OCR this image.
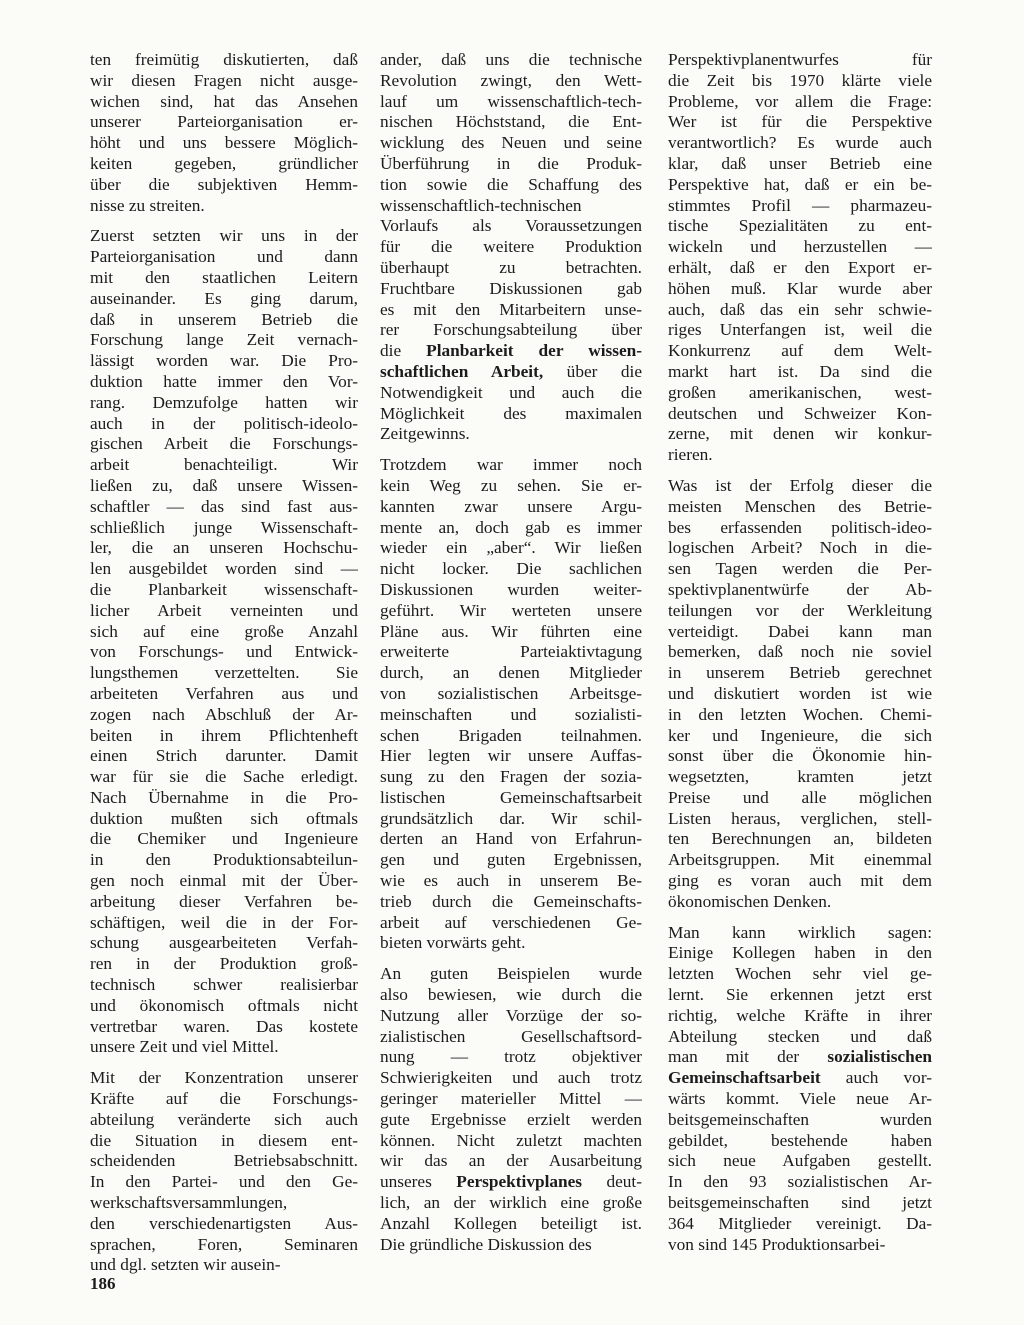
ten freimütig diskutierten, daß
wir diesen Fragen nicht ausge-
wichen sind, hat das Ansehen
unserer Parteiorganisation er-
höht und uns bessere Möglich-
keiten gegeben, gründlicher
über die subjektiven Hemm-
nisse zu streiten.
Zuerst setzten wir uns in der
Parteiorganisation und dann
mit den staatlichen Leitern
auseinander. Es ging darum,
daß in unserem Betrieb die
Forschung lange Zeit vernach-
lässigt worden war. Die Pro-
duktion hatte immer den Vor-
rang. Demzufolge hatten wir
auch in der politisch-ideolo-
gischen Arbeit die Forschungs-
arbeit benachteiligt. Wir
ließen zu, daß unsere Wissen-
schaftler — das sind fast aus-
schließlich junge Wissenschaft-
ler, die an unseren Hochschu-
len ausgebildet worden sind —
die Planbarkeit wissenschaft-
licher Arbeit verneinten und
sich auf eine große Anzahl
von Forschungs- und Entwick-
lungsthemen verzettelten. Sie
arbeiteten Verfahren aus und
zogen nach Abschluß der Ar-
beiten in ihrem Pflichtenheft
einen Strich darunter. Damit
war für sie die Sache erledigt.
Nach Übernahme in die Pro-
duktion mußten sich oftmals
die Chemiker und Ingenieure
in den Produktionsabteilun-
gen noch einmal mit der Über-
arbeitung dieser Verfahren be-
schäftigen, weil die in der For-
schung ausgearbeiteten Verfah-
ren in der Produktion groß-
technisch schwer realisierbar
und ökonomisch oftmals nicht
vertretbar waren. Das kostete
unsere Zeit und viel Mittel.
Mit der Konzentration unserer
Kräfte auf die Forschungs-
abteilung veränderte sich auch
die Situation in diesem ent-
scheidenden Betriebsabschnitt.
In den Partei- und den Ge-
werkschaftsversammlungen,
den verschiedenartigsten Aus-
sprachen, Foren, Seminaren
und dgl. setzten wir ausein-
ander, daß uns die technische
Revolution zwingt, den Wett-
lauf um wissenschaftlich-tech-
nischen Höchststand, die Ent-
wicklung des Neuen und seine
Überführung in die Produk-
tion sowie die Schaffung des
wissenschaftlich-technischen
Vorlaufs als Voraussetzungen
für die weitere Produktion
überhaupt zu betrachten.
Fruchtbare Diskussionen gab
es mit den Mitarbeitern unse-
rer Forschungsabteilung über
die Planbarkeit der wissen-
schaftlichen Arbeit, über die
Notwendigkeit und auch die
Möglichkeit des maximalen
Zeitgewinns.
Trotzdem war immer noch
kein Weg zu sehen. Sie er-
kannten zwar unsere Argu-
mente an, doch gab es immer
wieder ein „aber“. Wir ließen
nicht locker. Die sachlichen
Diskussionen wurden weiter-
geführt. Wir werteten unsere
Pläne aus. Wir führten eine
erweiterte Parteiaktivtagung
durch, an denen Mitglieder
von sozialistischen Arbeitsge-
meinschaften und sozialisti-
schen Brigaden teilnahmen.
Hier legten wir unsere Auffas-
sung zu den Fragen der sozia-
listischen Gemeinschaftsarbeit
grundsätzlich dar. Wir schil-
derten an Hand von Erfahrun-
gen und guten Ergebnissen,
wie es auch in unserem Be-
trieb durch die Gemeinschafts-
arbeit auf verschiedenen Ge-
bieten vorwärts geht.
An guten Beispielen wurde
also bewiesen, wie durch die
Nutzung aller Vorzüge der so-
zialistischen Gesellschaftsord-
nung — trotz objektiver
Schwierigkeiten und auch trotz
geringer materieller Mittel —
gute Ergebnisse erzielt werden
können. Nicht zuletzt machten
wir das an der Ausarbeitung
unseres Perspektivplanes deut-
lich, an der wirklich eine große
Anzahl Kollegen beteiligt ist.
Die gründliche Diskussion des
Perspektivplanentwurfes für
die Zeit bis 1970 klärte viele
Probleme, vor allem die Frage:
Wer ist für die Perspektive
verantwortlich? Es wurde auch
klar, daß unser Betrieb eine
Perspektive hat, daß er ein be-
stimmtes Profil — pharmazeu-
tische Spezialitäten zu ent-
wickeln und herzustellen —
erhält, daß er den Export er-
höhen muß. Klar wurde aber
auch, daß das ein sehr schwie-
riges Unterfangen ist, weil die
Konkurrenz auf dem Welt-
markt hart ist. Da sind die
großen amerikanischen, west-
deutschen und Schweizer Kon-
zerne, mit denen wir konkur-
rieren.
Was ist der Erfolg dieser die
meisten Menschen des Betrie-
bes erfassenden politisch-ideo-
logischen Arbeit? Noch in die-
sen Tagen werden die Per-
spektivplanentwürfe der Ab-
teilungen vor der Werkleitung
verteidigt. Dabei kann man
bemerken, daß noch nie soviel
in unserem Betrieb gerechnet
und diskutiert worden ist wie
in den letzten Wochen. Chemi-
ker und Ingenieure, die sich
sonst über die Ökonomie hin-
wegsetzten, kramten jetzt
Preise und alle möglichen
Listen heraus, verglichen, stell-
ten Berechnungen an, bildeten
Arbeitsgruppen. Mit einemmal
ging es voran auch mit dem
ökonomischen Denken.
Man kann wirklich sagen:
Einige Kollegen haben in den
letzten Wochen sehr viel ge-
lernt. Sie erkennen jetzt erst
richtig, welche Kräfte in ihrer
Abteilung stecken und daß
man mit der sozialistischen
Gemeinschaftsarbeit auch vor-
wärts kommt. Viele neue Ar-
beitsgemeinschaften wurden
gebildet, bestehende haben
sich neue Aufgaben gestellt.
In den 93 sozialistischen Ar-
beitsgemeinschaften sind jetzt
364 Mitglieder vereinigt. Da-
von sind 145 Produktionsarbei-
186
